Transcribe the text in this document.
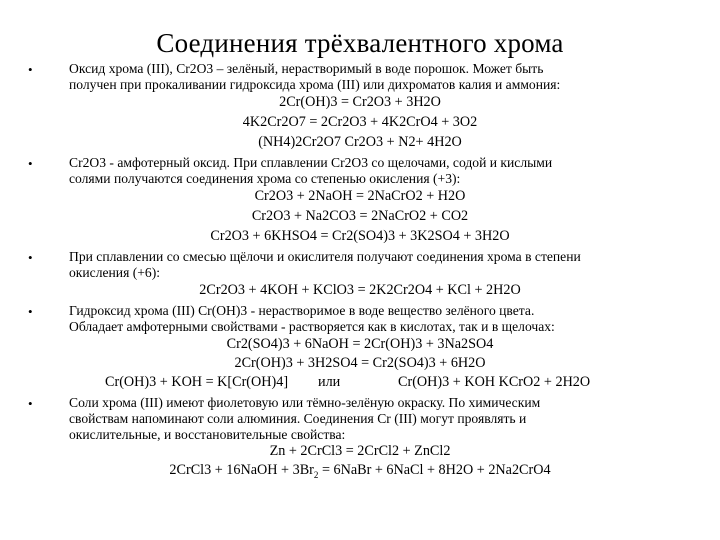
Соединения трёхвалентного хрома
•	Оксид хрома (III), Cr2O3 – зелёный, нерастворимый в воде порошок. Может быть
получен при прокаливании гидроксида хрома (III) или дихроматов калия и аммония:
2Cr(OH)3 = Cr2O3 + 3H2O
4K2Cr2O7 = 2Cr2O3 + 4K2CrO4 + 3O2
(NH4)2Cr2O7 Cr2O3 + N2+ 4H2O
•	Cr2O3 - амфотерный оксид. При сплавлении Cr2O3 со щелочами, содой и кислыми
солями получаются соединения хрома со степенью окисления (+3):
Cr2O3 + 2NaOH = 2NaCrO2 + H2O
Cr2O3 + Na2CO3 = 2NaCrO2 + CO2
Cr2O3 + 6KHSO4 = Cr2(SO4)3 + 3K2SO4 + 3H2O
•	При сплавлении со смесью щёлочи и окислителя получают соединения хрома в степени
окисления (+6):
2Cr2O3 + 4KOH + KClO3 = 2K2Cr2O4 + KCl + 2H2O
•	Гидроксид хрома (III) Cr(OH)3 - нерастворимое в воде вещество зелёного цвета.
Обладает амфотерными свойствами - растворяется как в кислотах, так и в щелочах:
Cr2(SO4)3 + 6NaOH = 2Cr(OH)3 + 3Na2SO4
2Cr(OH)3 + 3H2SO4 = Cr2(SO4)3 + 6H2O
Cr(OH)3 + KOH = K[Cr(OH)4] или	Cr(OH)3 + KOH KCrO2 + 2H2O
•	Соли хрома (III) имеют фиолетовую или тёмно-зелёную окраску. По химическим
свойствам напоминают соли алюминия. Соединения Cr (III) могут проявлять и
окислительные, и восстановительные свойства:
Zn + 2CrCl3 = 2CrCl2 + ZnCl2
2CrCl3 + 16NaOH + $3Br_2$ = 6NaBr + 6NaCl + 8H2O + 2Na2CrO4
